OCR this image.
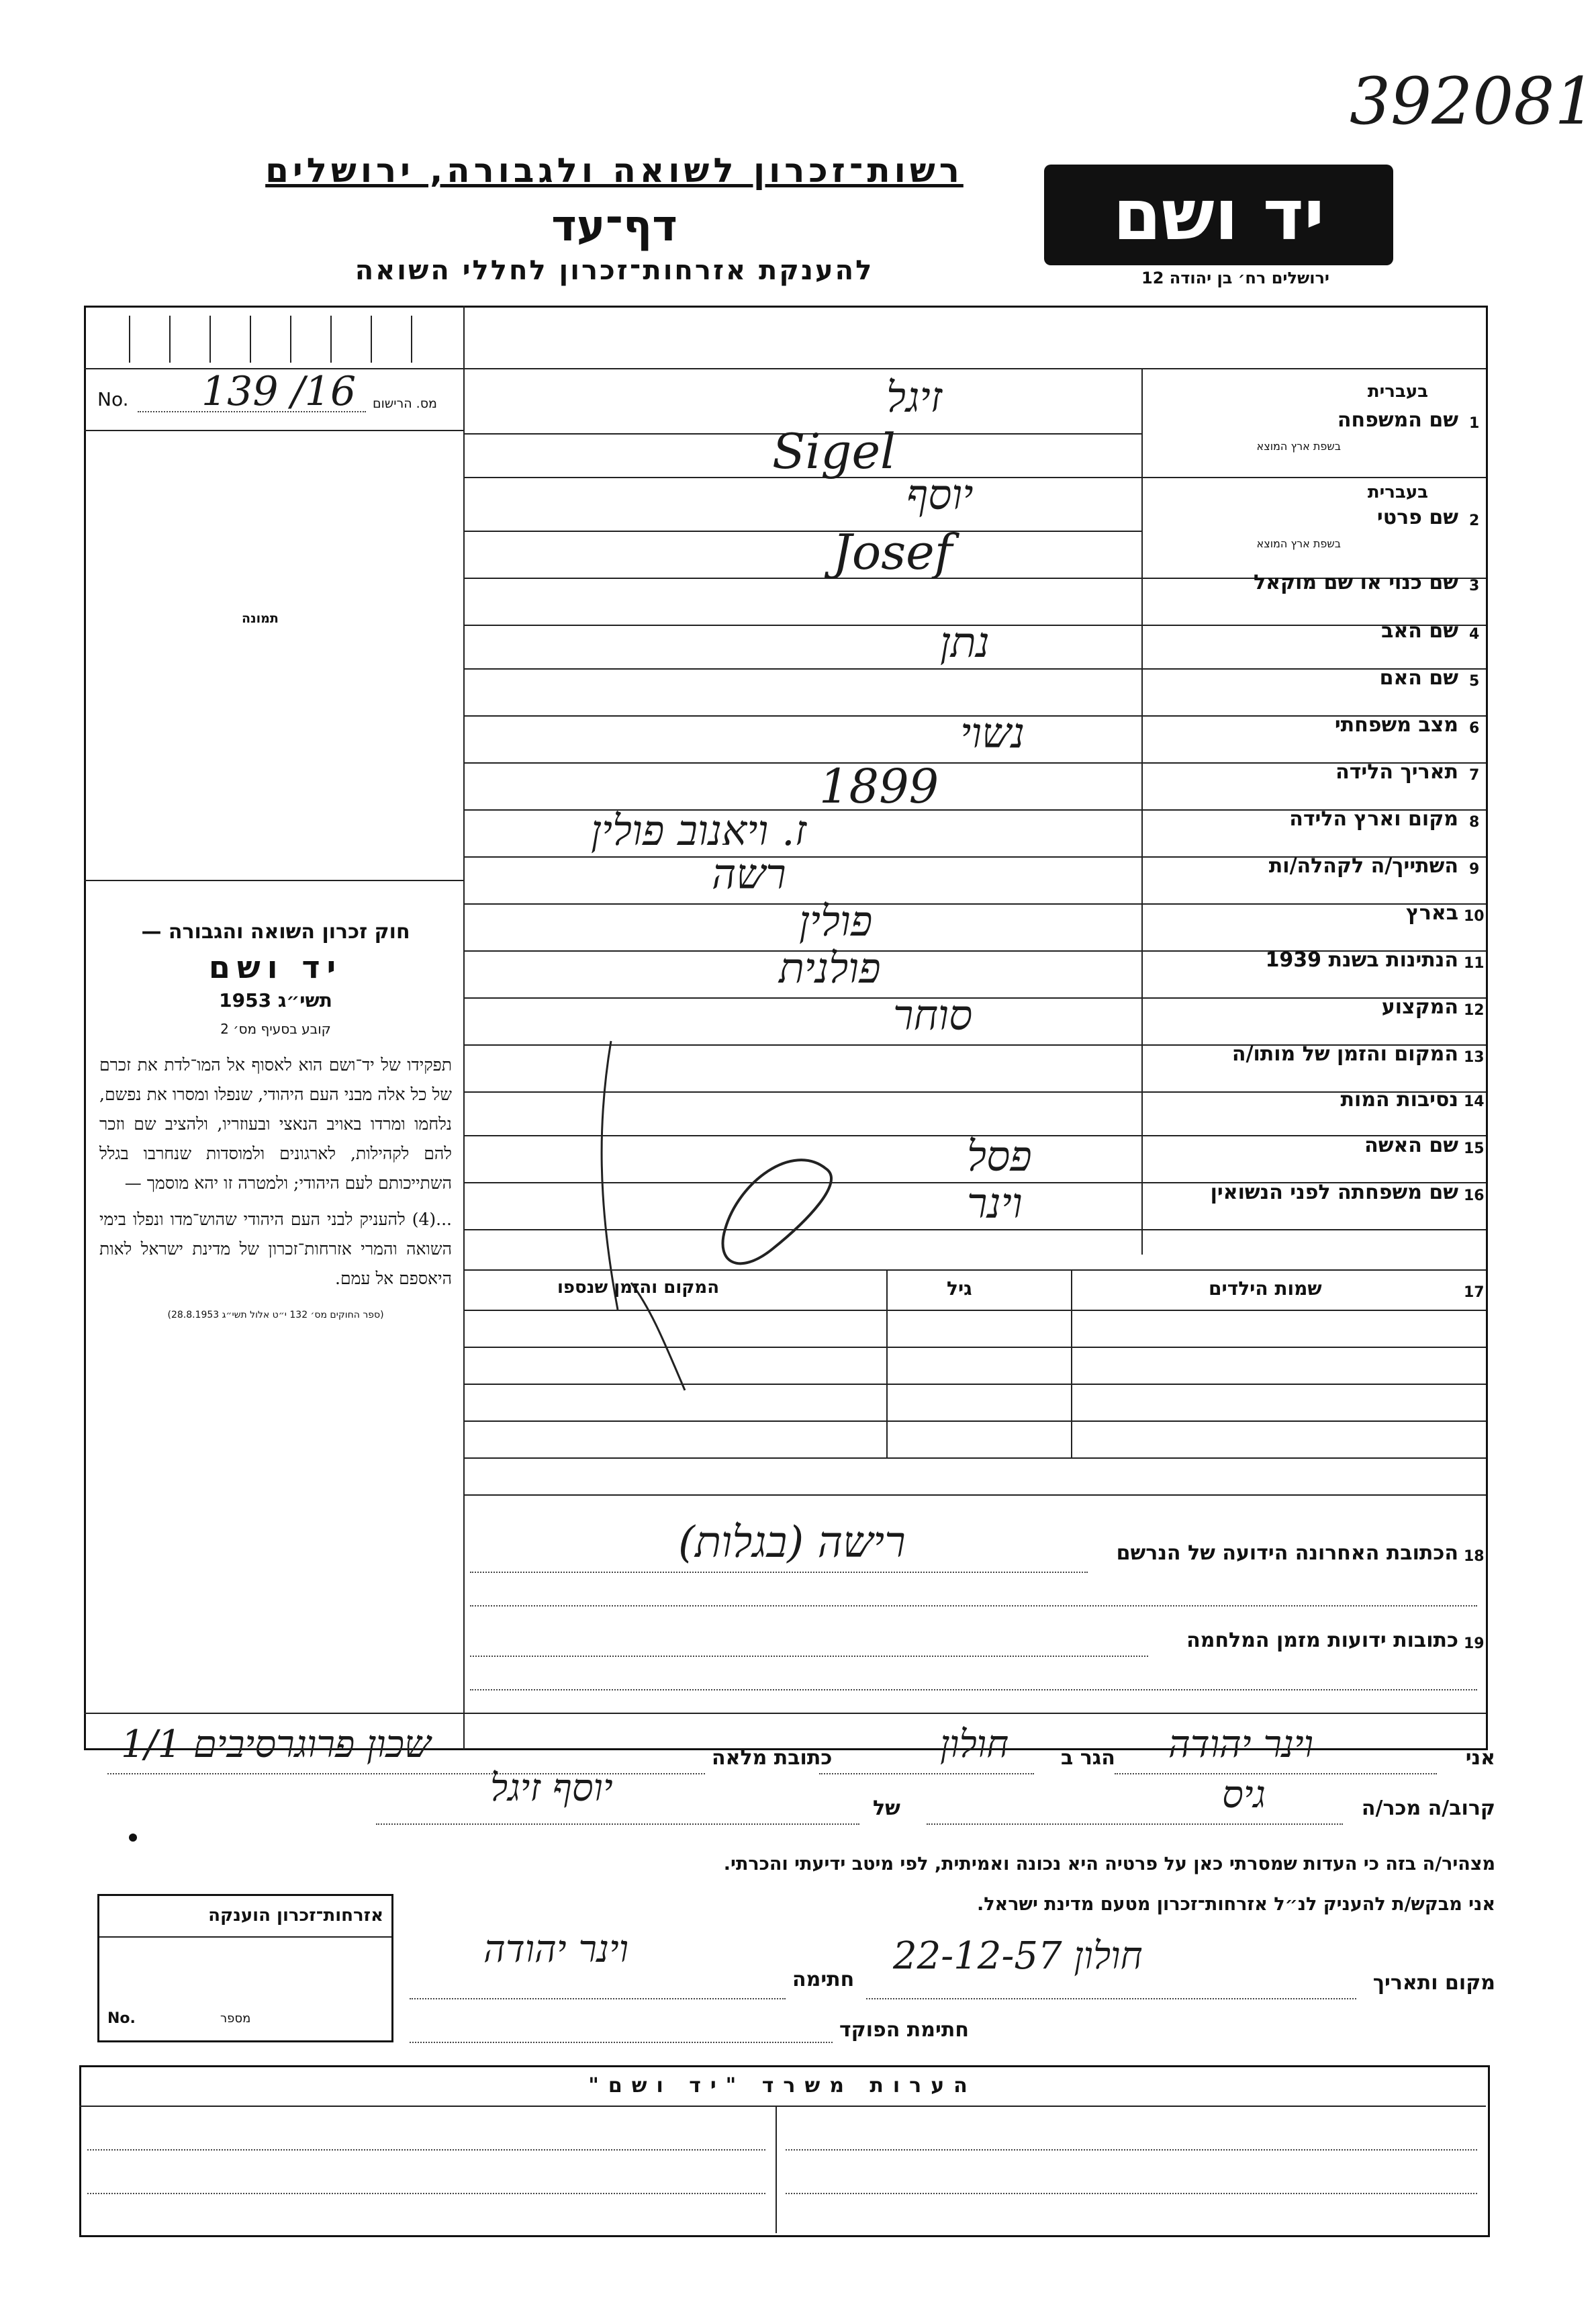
392081
רשות־זכרון לשואה ולגבורה, ירושלים
דף־עד
להענקת אזרחות־זכרון לחללי השואה
יד ושם
ירושלים רח׳ בן יהודה 12
No. 139 /16 מס. הרישום
תמונה
חוק זכרון השואה והגבורה —
יד ושם
תשי״ג 1953
קובע בסעיף מס׳ 2
תפקידו של יד־ושם הוא לאסוף אל המו־לדת את זכרם של כל אלה מבני העם היהודי, שנפלו ומסרו את נפשם, נלחמו ומרדו באויב הנאצי ובעוזריו, ולהציב שם וזכר להם לקהילות, לארגונים ולמוסדות שנחרבו בגלל השתייכותם לעם היהודי; ולמטרה זו יהא מוסמך —
...(4) להעניק לבני העם היהודי שהוש־מדו ונפלו בימי השואה והמרי אזרחות־זכרון של מדינת ישראל לאות היאספם אל עמם.
(ספר החוקים מס׳ 132 י״ט אלול תשי״ג 28.8.1953)
1
שם המשפחה
בעברית
בשפת ארץ המוצא
זיגל
Sigel
2
שם פרטי
בעברית
בשפת ארץ המוצא
יוסף
Josef
3
שם כנוי או שם מוקאל
4
שם האב
נתן
5
שם האם
6
מצב משפחתי
נשוי
7
תאריך הלידה
1899
8
מקום וארץ הלידה
ז. ויאנוב פולין
9
השתייך/ה לקהלה/ות
רשה
10
בארץ
פולין
11
הנתינות בשנת 1939
פולנית
12
המקצוע
סוחר
13
המקום והזמן של מותו/ה
14
נסיבות המות
15
שם האשה
פסל
16
שם משפחתה לפני הנשואין
וינר
17
שמות הילדים
גיל
המקום והזמן שנספו
18
הכתובת האחרונה הידועה של הנרשם
רישה (בגלות)
19
כתובות ידועות מזמן המלחמה
אני
וינר יהודה
הגר ב
חולון
כתובת מלאה
שכון פרוגרסיבים 1/1
קרוב/ה מכר/ה
גיס
של
יוסף זיגל
מצהיר/ה בזה כי העדות שמסרתי כאן על פרטיה היא נכונה ואמיתית, לפי מיטב ידיעתי והכרתי.
אני מבקש/ת להעניק לנ״ל אזרחות־זכרון מטעם מדינת ישראל.
מקום ותאריך
חולון 22-12-57
חתימה
וינר יהודה
חתימת הפוקד
אזרחות־זכרון הוענקה
No.	מספר
הערות משרד "יד ושם"
